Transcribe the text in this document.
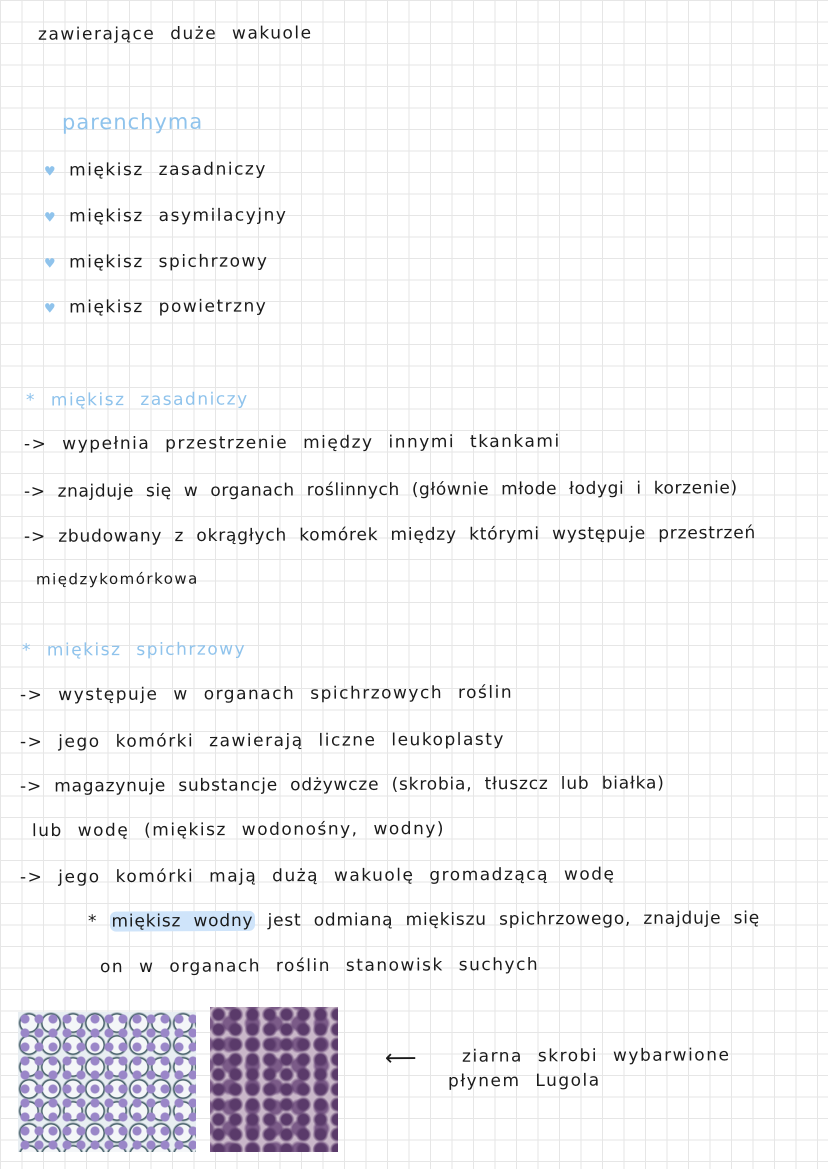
zawierające duże wakuole
parenchyma
♥ miękisz zasadniczy
♥ miękisz asymilacyjny
♥ miękisz spichrzowy
♥ miękisz powietrzny
* miękisz zasadniczy
-> wypełnia przestrzenie między innymi tkankami
-> znajduje się w organach roślinnych (głównie młode łodygi i korzenie)
-> zbudowany z okrągłych komórek między którymi występuje przestrzeń
międzykomórkowa
* miękisz spichrzowy
-> występuje w organach spichrzowych roślin
-> jego komórki zawierają liczne leukoplasty
-> magazynuje substancje odżywcze (skrobia, tłuszcz lub białka)
lub wodę (miękisz wodonośny, wodny)
-> jego komórki mają dużą wakuolę gromadzącą wodę
* miękisz wodny jest odmianą miękiszu spichrzowego, znajduje się
on w organach roślin stanowisk suchych
⟵	ziarna skrobi wybarwione
płynem Lugola
